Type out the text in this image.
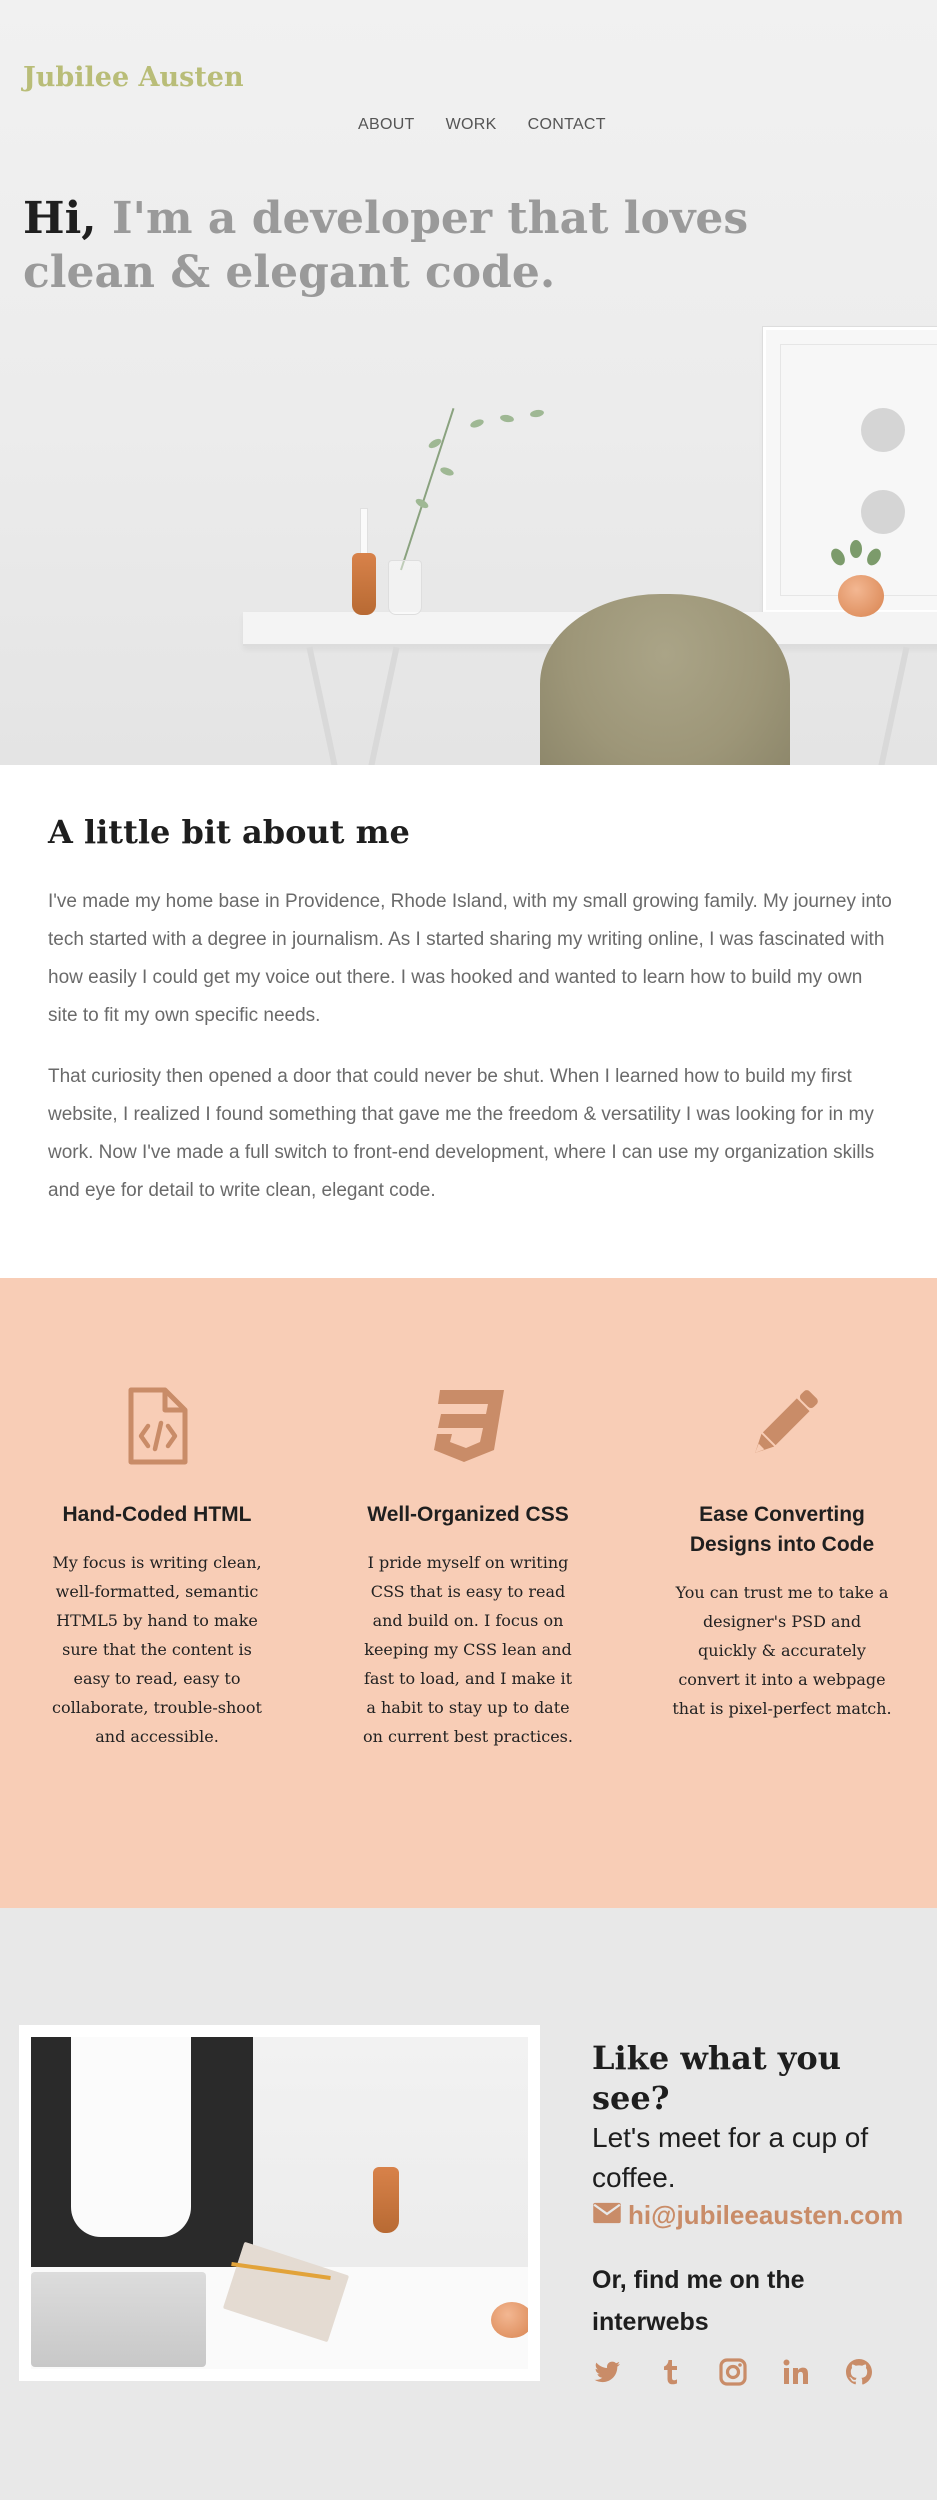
Jubilee Austen
ABOUT WORK CONTACT
Hi, I'm a developer that loves clean & elegant code.
A little bit about me

I've made my home base in Providence, Rhode Island, with my small growing family. My journey into tech started with a degree in journalism. As I started sharing my writing online, I was fascinated with how easily I could get my voice out there. I was hooked and wanted to learn how to build my own site to fit my own specific needs.

That curiosity then opened a door that could never be shut. When I learned how to build my first website, I realized I found something that gave me the freedom & versatility I was looking for in my work. Now I've made a full switch to front-end development, where I can use my organization skills and eye for detail to write clean, elegant code.

Hand-Coded HTML

My focus is writing clean, well-formatted, semantic HTML5 by hand to make sure that the content is easy to read, easy to collaborate, trouble-shoot and accessible.

Well-Organized CSS

I pride myself on writing CSS that is easy to read and build on. I focus on keeping my CSS lean and fast to load, and I make it a habit to stay up to date on current best practices.

Ease Converting Designs into Code

You can trust me to take a designer's PSD and quickly & accurately convert it into a webpage that is pixel-perfect match.

Like what you see?
Let's meet for a cup of coffee.
hi@jubileeausten.com
Or, find me on the interwebs
